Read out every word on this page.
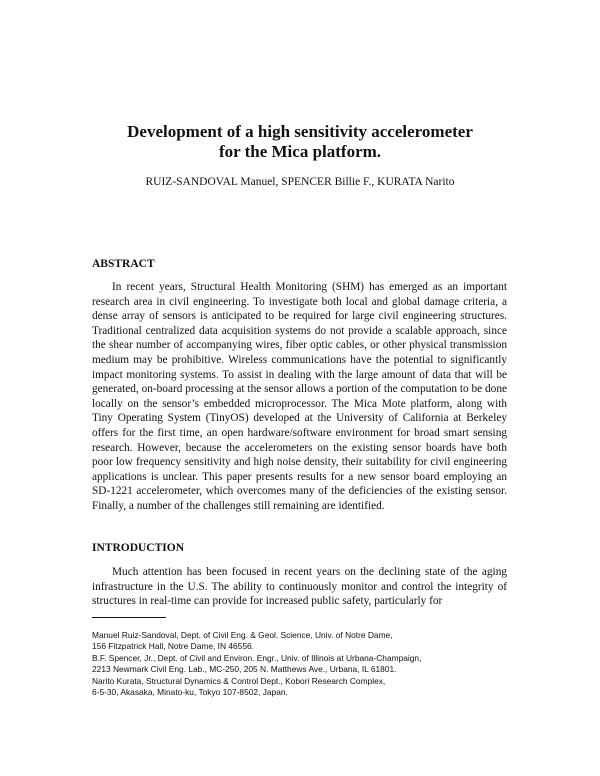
Development of a high sensitivity accelerometer
for the Mica platform.

RUIZ-SANDOVAL Manuel, SPENCER Billie F., KURATA Narito

ABSTRACT

In recent years, Structural Health Monitoring (SHM) has emerged as an important research area in civil engineering. To investigate both local and global damage criteria, a dense array of sensors is anticipated to be required for large civil engineering structures. Traditional centralized data acquisition systems do not provide a scalable approach, since the shear number of accompanying wires, fiber optic cables, or other physical transmission medium may be prohibitive. Wireless communications have the potential to significantly impact monitoring systems. To assist in dealing with the large amount of data that will be generated, on-board processing at the sensor allows a portion of the computation to be done locally on the sensor’s embedded microprocessor. The Mica Mote platform, along with Tiny Operating System (TinyOS) developed at the University of California at Berkeley offers for the first time, an open hardware/software environment for broad smart sensing research. However, because the accelerometers on the existing sensor boards have both poor low frequency sensitivity and high noise density, their suitability for civil engineering applications is unclear. This paper presents results for a new sensor board employing an SD-1221 accelerometer, which overcomes many of the deficiencies of the existing sensor. Finally, a number of the challenges still remaining are identified.

INTRODUCTION

Much attention has been focused in recent years on the declining state of the aging infrastructure in the U.S. The ability to continuously monitor and control the integrity of structures in real-time can provide for increased public safety, particularly for

Manuel Ruiz-Sandoval, Dept. of Civil Eng. & Geol. Science, Univ. of Notre Dame,
156 Fitzpatrick Hall, Notre Dame, IN 46556.
B.F. Spencer, Jr., Dept. of Civil and Environ. Engr., Univ. of Illinois at Urbana-Champaign,
2213 Newmark Civil Eng. Lab., MC-250, 205 N. Matthews Ave., Urbana, IL 61801.
Narito Kurata, Structural Dynamics & Control Dept., Kobori Research Complex,
6-5-30, Akasaka, Minato-ku, Tokyo 107-8502, Japan.
